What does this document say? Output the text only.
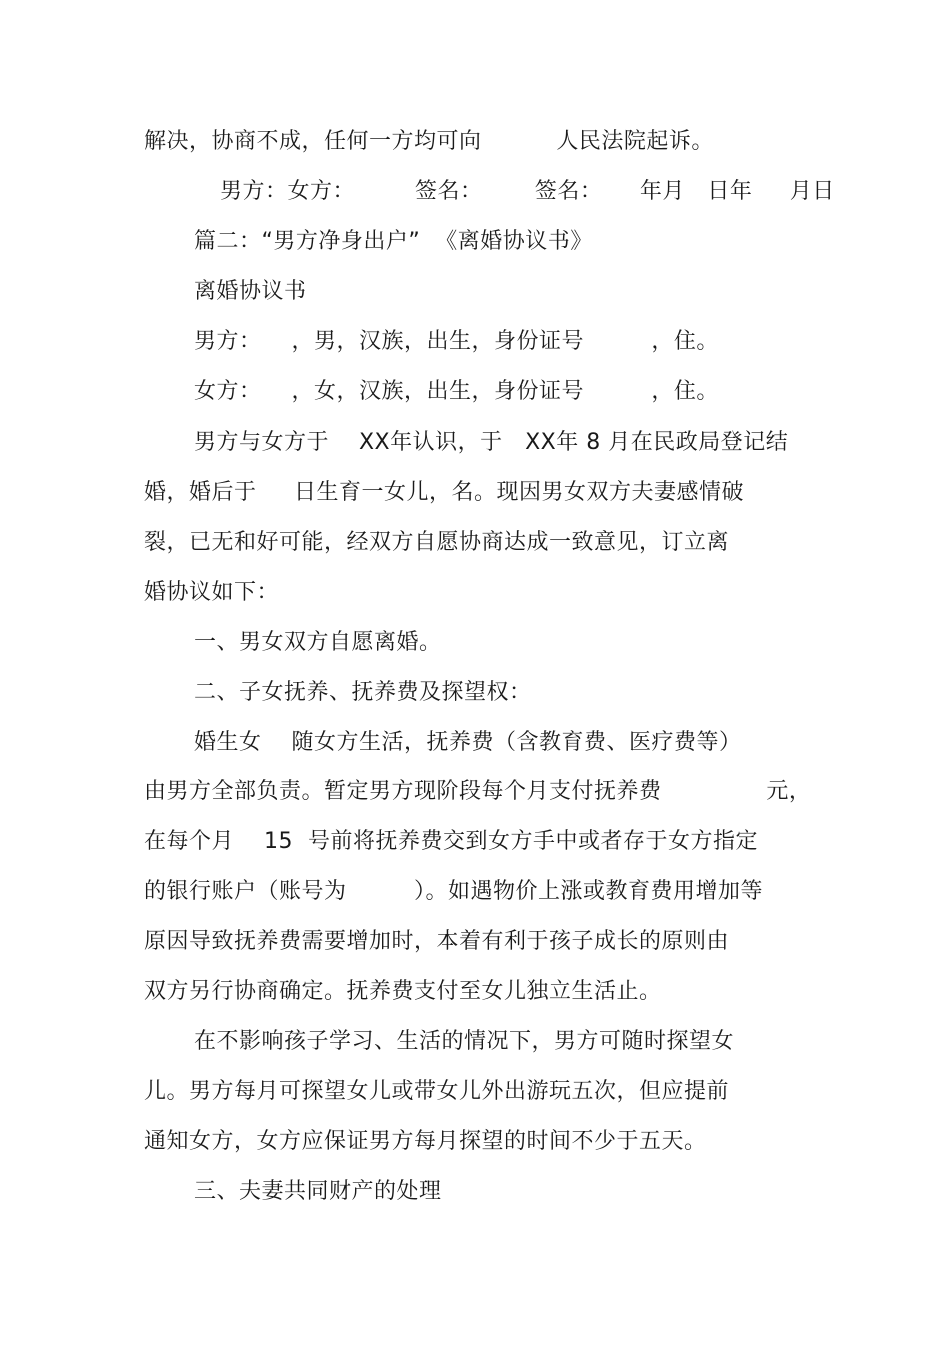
解决，协商不成，任何一方均可向          人民法院起诉。
男方：女方：        签名：       签名：     年月   日年     月日
篇二：“男方净身出户”  《离婚协议书》
离婚协议书
男方：    ，男，汉族，出生，身份证号         ，住。
女方：    ，女，汉族，出生，身份证号         ，住。
男方与女方于    XX年认识，于   XX年 8 月在民政局登记结
婚，婚后于     日生育一女儿，名。现因男女双方夫妻感情破
裂，已无和好可能，经双方自愿协商达成一致意见，订立离
婚协议如下：
一、男女双方自愿离婚。
二、子女抚养、抚养费及探望权：
婚生女    随女方生活，抚养费（含教育费、医疗费等）
由男方全部负责。暂定男方现阶段每个月支付抚养费              元，
在每个月    15  号前将抚养费交到女方手中或者存于女方指定
的银行账户（账号为         ）。如遇物价上涨或教育费用增加等
原因导致抚养费需要增加时，本着有利于孩子成长的原则由
双方另行协商确定。抚养费支付至女儿独立生活止。
在不影响孩子学习、生活的情况下，男方可随时探望女
儿。男方每月可探望女儿或带女儿外出游玩五次，但应提前
通知女方，女方应保证男方每月探望的时间不少于五天。
三、夫妻共同财产的处理
